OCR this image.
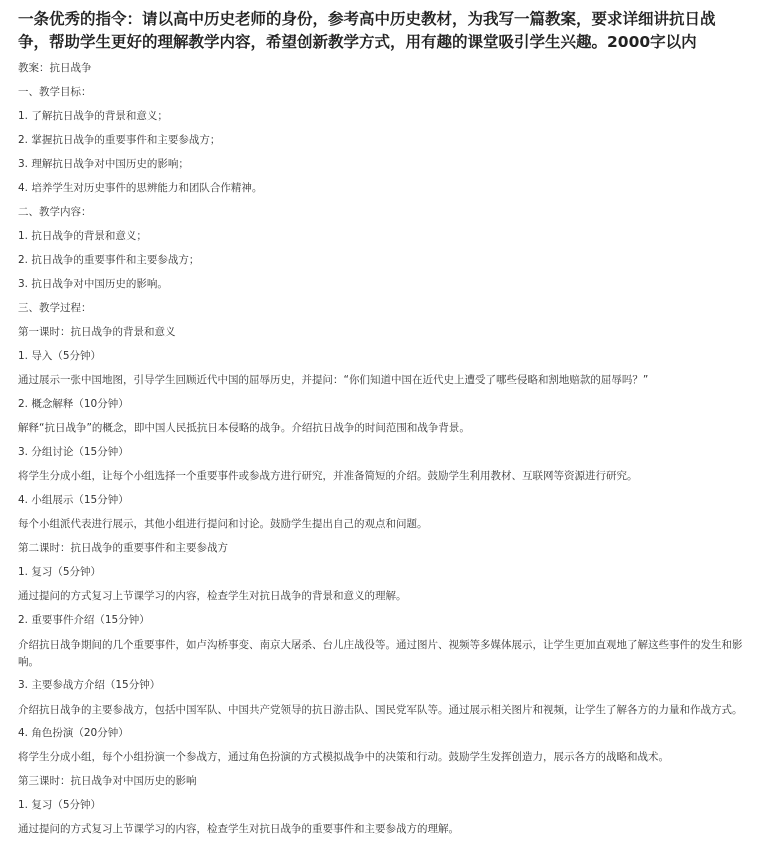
一条优秀的指令：请以高中历史老师的身份，参考高中历史教材，为我写一篇教案，要求详细讲抗日战争，帮助学生更好的理解教学内容，希望创新教学方式，用有趣的课堂吸引学生兴趣。2000字以内
教案：抗日战争
一、教学目标：
1. 了解抗日战争的背景和意义；
2. 掌握抗日战争的重要事件和主要参战方；
3. 理解抗日战争对中国历史的影响；
4. 培养学生对历史事件的思辨能力和团队合作精神。
二、教学内容：
1. 抗日战争的背景和意义；
2. 抗日战争的重要事件和主要参战方；
3. 抗日战争对中国历史的影响。
三、教学过程：
第一课时：抗日战争的背景和意义
1. 导入（5分钟）
通过展示一张中国地图，引导学生回顾近代中国的屈辱历史，并提问：“你们知道中国在近代史上遭受了哪些侵略和割地赔款的屈辱吗？”
2. 概念解释（10分钟）
解释“抗日战争”的概念，即中国人民抵抗日本侵略的战争。介绍抗日战争的时间范围和战争背景。
3. 分组讨论（15分钟）
将学生分成小组，让每个小组选择一个重要事件或参战方进行研究，并准备简短的介绍。鼓励学生利用教材、互联网等资源进行研究。
4. 小组展示（15分钟）
每个小组派代表进行展示，其他小组进行提问和讨论。鼓励学生提出自己的观点和问题。
第二课时：抗日战争的重要事件和主要参战方
1. 复习（5分钟）
通过提问的方式复习上节课学习的内容，检查学生对抗日战争的背景和意义的理解。
2. 重要事件介绍（15分钟）
介绍抗日战争期间的几个重要事件，如卢沟桥事变、南京大屠杀、台儿庄战役等。通过图片、视频等多媒体展示，让学生更加直观地了解这些事件的发生和影响。
3. 主要参战方介绍（15分钟）
介绍抗日战争的主要参战方，包括中国军队、中国共产党领导的抗日游击队、国民党军队等。通过展示相关图片和视频，让学生了解各方的力量和作战方式。
4. 角色扮演（20分钟）
将学生分成小组，每个小组扮演一个参战方，通过角色扮演的方式模拟战争中的决策和行动。鼓励学生发挥创造力，展示各方的战略和战术。
第三课时：抗日战争对中国历史的影响
1. 复习（5分钟）
通过提问的方式复习上节课学习的内容，检查学生对抗日战争的重要事件和主要参战方的理解。
